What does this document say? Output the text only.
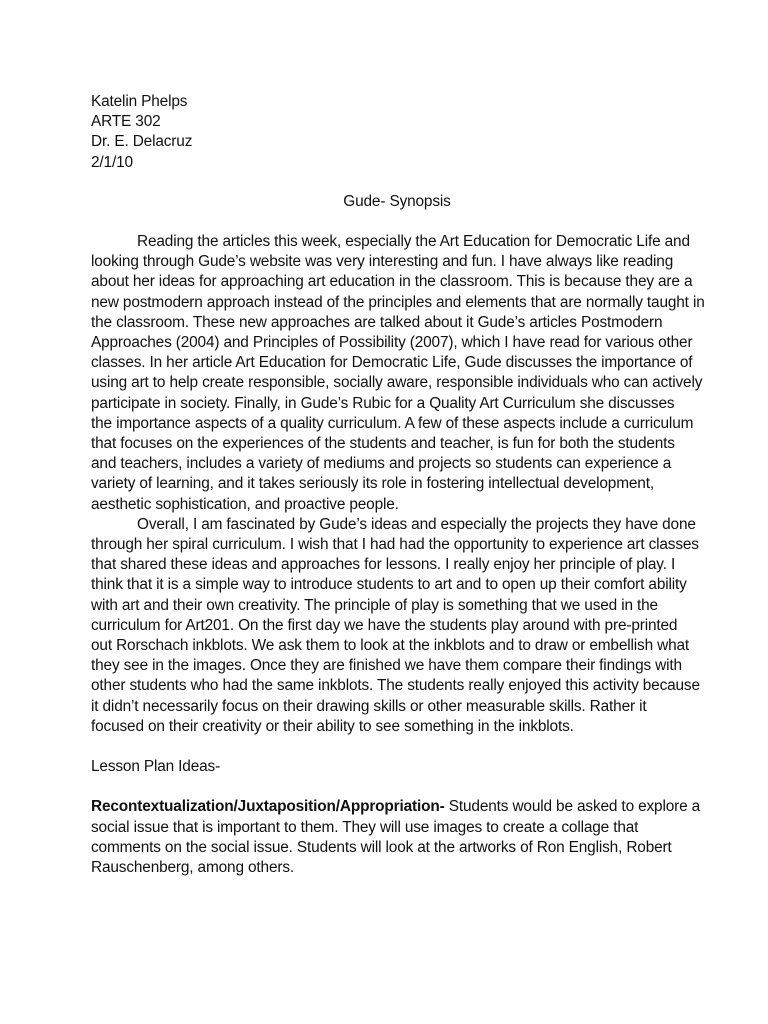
Katelin Phelps
ARTE 302
Dr. E. Delacruz
2/1/10
Gude- Synopsis

Reading the articles this week, especially the Art Education for Democratic Life and
looking through Gude’s website was very interesting and fun. I have always like reading
about her ideas for approaching art education in the classroom. This is because they are a
new postmodern approach instead of the principles and elements that are normally taught in
the classroom. These new approaches are talked about it Gude’s articles Postmodern
Approaches (2004) and Principles of Possibility (2007), which I have read for various other
classes. In her article Art Education for Democratic Life, Gude discusses the importance of
using art to help create responsible, socially aware, responsible individuals who can actively
participate in society. Finally, in Gude’s Rubic for a Quality Art Curriculum she discusses
the importance aspects of a quality curriculum. A few of these aspects include a curriculum
that focuses on the experiences of the students and teacher, is fun for both the students
and teachers, includes a variety of mediums and projects so students can experience a
variety of learning, and it takes seriously its role in fostering intellectual development,
aesthetic sophistication, and proactive people.

Overall, I am fascinated by Gude’s ideas and especially the projects they have done
through her spiral curriculum. I wish that I had had the opportunity to experience art classes
that shared these ideas and approaches for lessons. I really enjoy her principle of play. I
think that it is a simple way to introduce students to art and to open up their comfort ability
with art and their own creativity. The principle of play is something that we used in the
curriculum for Art201. On the first day we have the students play around with pre-printed
out Rorschach inkblots. We ask them to look at the inkblots and to draw or embellish what
they see in the images. Once they are finished we have them compare their findings with
other students who had the same inkblots. The students really enjoyed this activity because
it didn’t necessarily focus on their drawing skills or other measurable skills. Rather it
focused on their creativity or their ability to see something in the inkblots.

Lesson Plan Ideas-
Recontextualization/Juxtaposition/Appropriation- Students would be asked to explore a
social issue that is important to them. They will use images to create a collage that
comments on the social issue. Students will look at the artworks of Ron English, Robert
Rauschenberg, among others.
